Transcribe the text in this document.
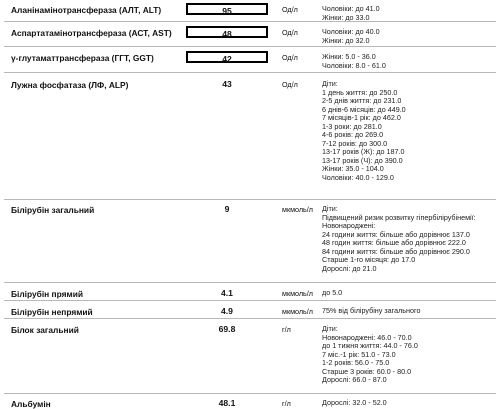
Аланінамінотрансфераза (АЛТ, ALT)	95	Од/л	Чоловіки: до 41.0
Жінки: до 33.0
Аспартатамінотрансфераза (АСТ, AST)	48	Од/л	Чоловіки: до 40.0
Жінки: до 32.0
γ-глутаматтрансфераза (ГГТ, GGT)	42	Од/л	Жінки: 5.0 - 36.0
Чоловіки: 8.0 - 61.0
Лужна фосфатаза (ЛФ, ALP)	43	Од/л	Діти:
1 день життя: до 250.0
2-5 днів життя: до 231.0
6 днів-6 місяців: до 449.0
7 місяців-1 рік: до 462.0
1-3 роки: до 281.0
4-6 років: до 269.0
7-12 років: до 300.0
13-17 років (Ж): до 187.0
13-17 років (Ч): до 390.0
Жінки: 35.0 - 104.0
Чоловіки: 40.0 - 129.0
Білірубін загальний	9	мкмоль/л Діти:
Підвищений ризик розвитку гіпербілірубінемії:
Новонароджені:
24 години життя: більше або дорівнює 137.0
48 годин життя: більше або дорівнює 222.0
84 години життя: більше або дорівнює 290.0
Старше 1-го місяця: до 17.0
Дорослі: до 21.0
Білірубін прямий	4.1	мкмоль/л до 5.0
Білірубін непрямий	4.9	мкмоль/л 75% від білірубіну загального
Білок загальний	69.8	г/л	Діти:
Новонароджені: 46.0 - 70.0
до 1 тижня життя: 44.0 - 76.0
7 міс.-1 рік: 51.0 - 73.0
1-2 років: 56.0 - 75.0
Старше 3 років: 60.0 - 80.0
Дорослі: 66.0 - 87.0
Альбумін	48.1	г/л	Дорослі: 32.0 - 52.0
